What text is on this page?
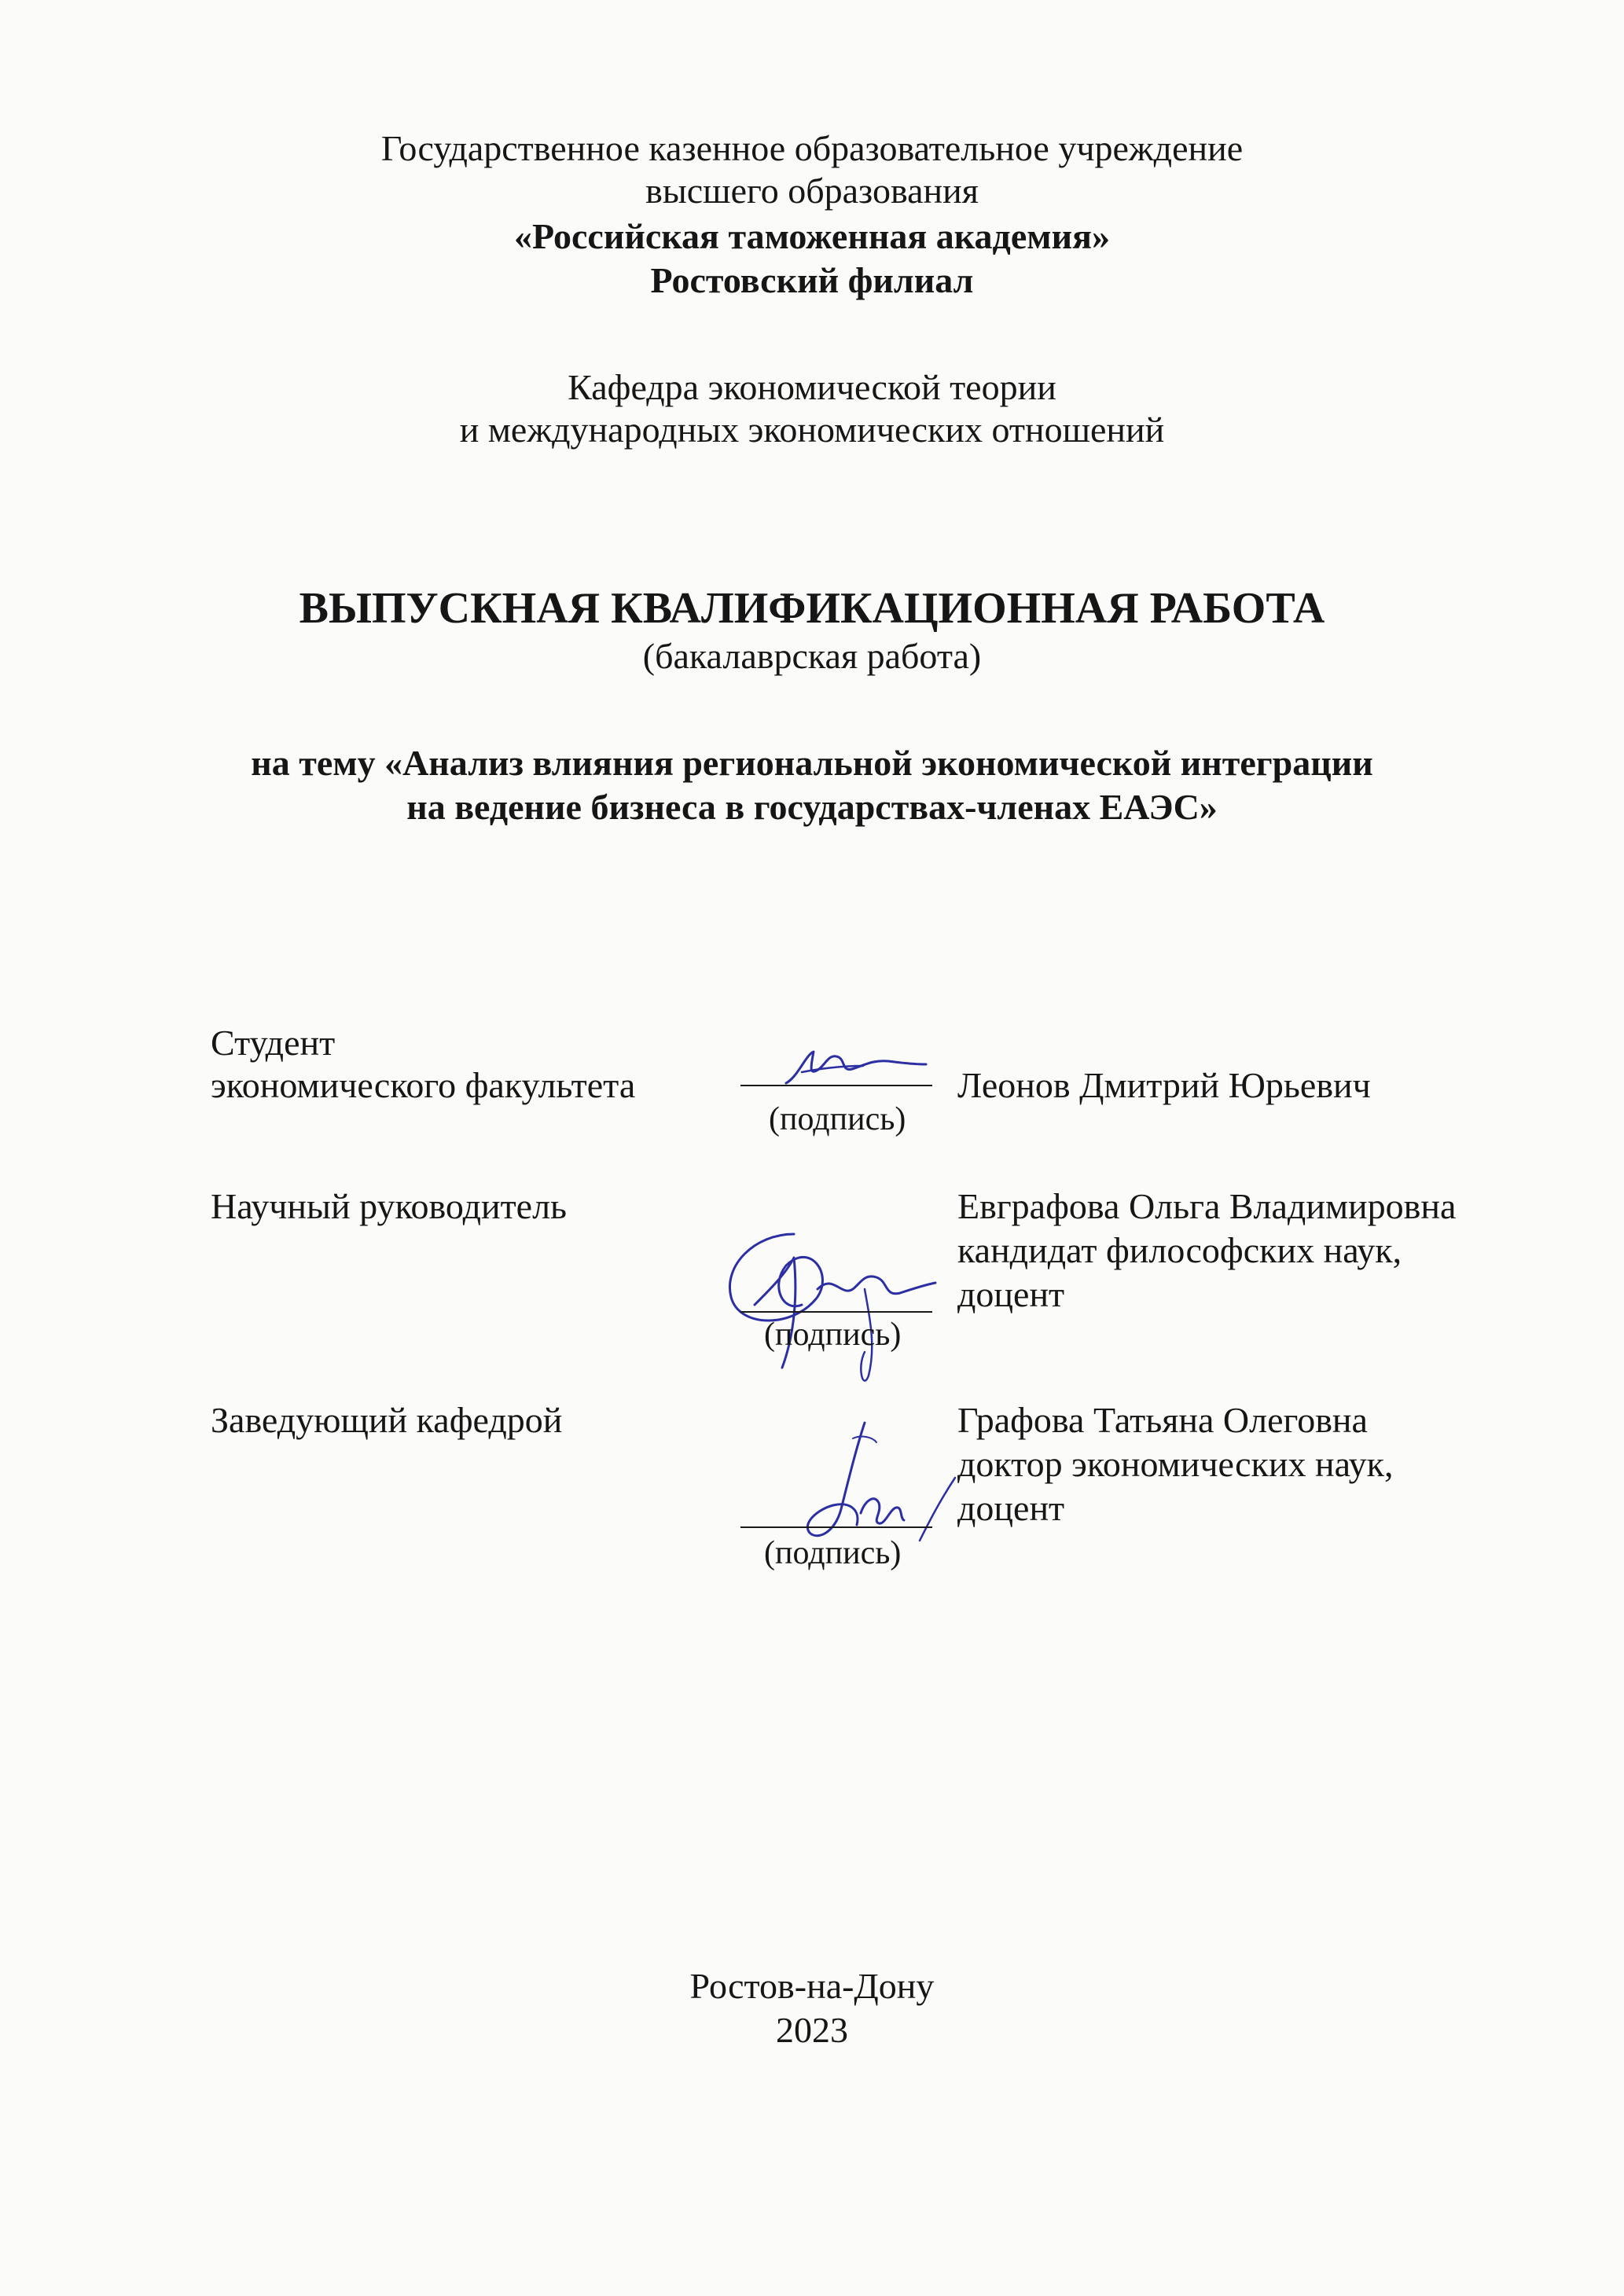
Государственное казенное образовательное учреждение
высшего образования
«Российская таможенная академия»
Ростовский филиал
Кафедра экономической теории
и международных экономических отношений
ВЫПУСКНАЯ КВАЛИФИКАЦИОННАЯ РАБОТА
(бакалаврская работа)
на тему «Анализ влияния региональной экономической интеграции
на ведение бизнеса в государствах-членах ЕАЭС»
Студент
экономического факультета
(подпись)
Леонов Дмитрий Юрьевич
Научный руководитель
(подпись)
Евграфова Ольга Владимировна
кандидат философских наук,
доцент
Заведующий кафедрой
(подпись)
Графова Татьяна Олеговна
доктор экономических наук,
доцент
Ростов-на-Дону
2023
